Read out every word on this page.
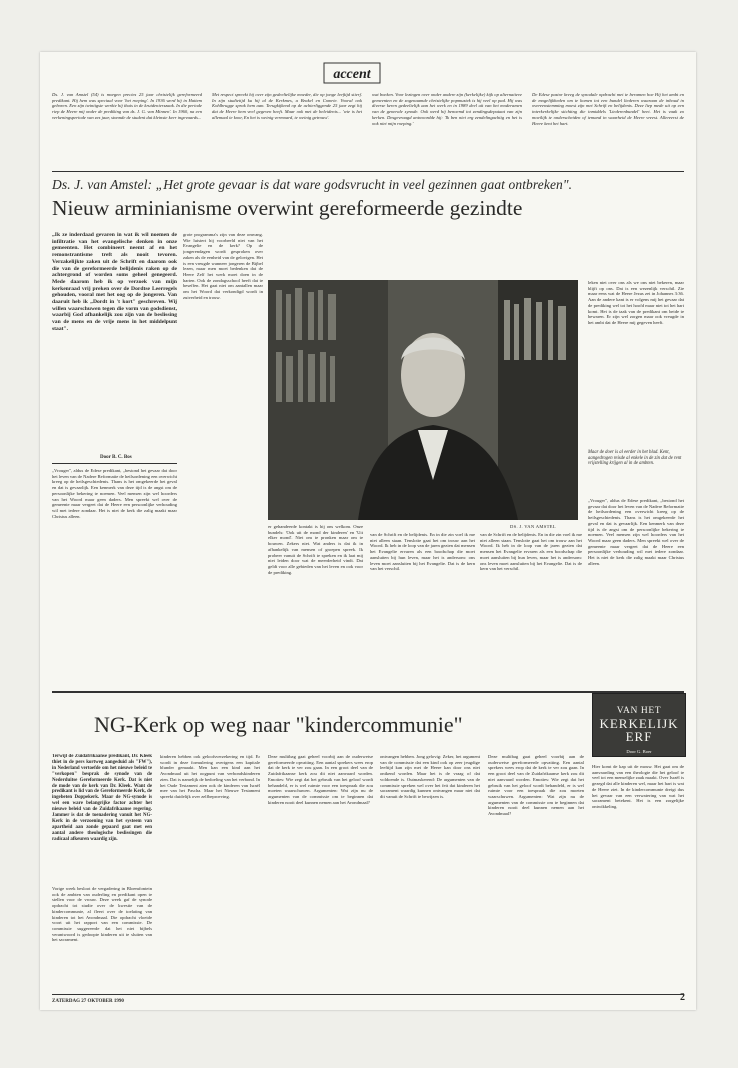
accent
Ds. J. van Amstel (54) is morgen precies 25 jaar christelijk gereformeerd predikant. Hij hem was speciaal voor 'het roeping'. In 1936 werd hij in Hattem geboren. Een zijn twintigste werkte hij thuis in de kruidenierszaak. In die periode riep de Heere mij onder de prediking van ds. J. G. van Minnen'. In 1960, na een verkeningsperiode van zes jaar, stonnde de student dat kleinste keer ingevaards...
Met respect spreekt hij over zijn gedeeltelijke moeder, die op jonge leeftijd stierf. In zijn studietijd ku hij al de Kerkmes, a Brakel en Comrie. Vooral ook Kohlbrugge sprak hem aan. Terugkijkend op de achterliggende 25 jaar zegt hij dat de Heere hem veel gegeven heeft. Maar ook met de beleidenis... 'wie is het allemaal te koor, En het is weinig vermoard, te weinig getrouw'.
wat boeken. Voor lezingen over onder andere zijn (kerkelijke) kijk op alternatieve gemeenten en de zogenaamde christelijke popmuziek is hij veel op pad. Hij was diverse keren gedeeltelijk aan het werk en in 1989 deel uit van het moderamen van de generale synode. Ook werd hij benoemd tot zendingsdeputaat van zijn kerken. Desgevraagd antwoordde hij: 'Ik ben niet erg zendelingachtig en het is ook niet mijn roeping.'
De Edese pastor kreeg de synodale opdracht met te beramen hoe Hij het ambt en de mogelijkheden om te komen tot een bundel liederen waaraan de inhoud in overeenstemming moest zijn met Schrift en belijdenis. Deze liep mede uit op een interkerkelijke stichting die inmiddels 'Liederenbundel' heet. Het is vaak zo moeilijk te onderscheiden of iemand in waarheid de Heere vreest. Allereerst de Heere kent het hart.
Ds. J. van Amstel: „Het grote gevaar is dat ware godsvrucht in veel gezinnen gaat ontbreken".
Nieuw arminianisme overwint gereformeerde gezindte
„Ik ze inderdaad gevaren in wat ik wil noemen de infiltratie van het evangelische denken in onze gemeenten. Het combineert neemt af en het remonstrantisme treft als nooit tevoren. Verzakelijkte zaken uit de Schrift en daarom ook die van de gereformeerde belijdenis raken op de achtergrond of worden soms geheel genegeerd. Mede daarom heb ik op verzoek van mijn kerkenraad vrij preken over de Dordtse Leerregels gehouden, vooral met het oog op de jongeren. Van daaruit heb ik „Dordt in 't kort" geschreven. Wij willen waarschuwen tegen die vorm van godsdienst, waarbij God afhankelijk zou zijn van de beslissing van de mens en de vrije mens in het middelpunt staat".
Door B. C. Bos
„Vrouger", aldus de Edese predikant, „bestond het gevaar dat door het leven van de Nadere Reformatie de heilsordening een overwicht kreeg op de heilsgeschiedenis. Thans is het omgekeerde het geval en dat is gevaarlijk. Een kenmerk van deze tijd is de angst om de persoonlijke bekering te noemen. Veel mensen zijn wel hoorders van het Woord maar geen daders. Men spreekt wel over de gemeente maar vergeet dat de Heere een persoonlijke verhouding wil met iedere zondaar. Het is niet de kerk die zalig maakt maar Christus alleen.
grote programma's zijn van deze omvang. Wie luistert hij voorbeeld niet van het Evangelie en de kerk? Op de jongerendagen wordt gesproken over zaken als de eenheid van de gelovigen. Het is een vreugde wanneer jongeren de Bijbel lezen, maar men moet bedenken dat de Heere Zelf het werk moet doen in de harten. Ook de zondagsschool heeft dat te beseffen. Het gaat niet om aantallen maar om het Woord dat verkondigd wordt in zuiverheid en trouw.
Maar de doer is al eerder in het blad. Kent, aangedrogen reisde al enkele in de zin dat de rent vrijstelling krijgen al in de ambten.
DS. J. VAN AMSTEL
er gehandeerde kontakt is hij ons welkom. Onze bundels: 'Ook uit de mond der kinderen' en 'Uit elker mond'. Niet om te pronken maar om te bouwen. Zekers niet. Wat anders is dat ik in afhankelijk van mensen of groepen spreek. Ik probeer vanuit de Schrift te spreken en ik laat mij niet leiden door wat de meerderheid vindt. Dat geldt voor alle gebieden van het leven en ook voor de prediking.
van de Schrift en de belijdenis. En in die zin voel ik me niet alleen staan. Tenslotte gaat het om trouw aan het Woord. Ik heb in de loop van de jaren gezien dat mensen het Evangelie ervaren als een boodschap die moet aansluiten bij hun leven, maar het is andersom: ons leven moet aansluiten bij het Evangelie. Dat is de kern van het verschil.
leken niet over ons als we ons niet bekeren, maar blijft op ons. Dat is een wezenlijk verschil. Zie maar eens wat de Heere Jezus zei in Johannes 3:36. Aan de andere kant is er volgens mij het gevaar dat de prediking wel tot het hoofd maar niet tot het hart komt. Het is de taak van de predikant om beide te bewaren. Er zijn wel zorgen maar ook vreugde in het ambt dat de Heere mij gegeven heeft.
„Vrouger", aldus de Edese predikant, „bestond het gevaar dat door het leven van de Nadere Reformatie de heilsordening een overwicht kreeg op de heilsgeschiedenis. Thans is het omgekeerde het geval en dat is gevaarlijk. Een kenmerk van deze tijd is de angst om de persoonlijke bekering te noemen. Veel mensen zijn wel hoorders van het Woord maar geen daders. Men spreekt wel over de gemeente maar vergeet dat de Heere een persoonlijke verhouding wil met iedere zondaar. Het is niet de kerk die zalig maakt maar Christus alleen.
van de Schrift en de belijdenis. En in die zin voel ik me niet alleen staan. Tenslotte gaat het om trouw aan het Woord. Ik heb in de loop van de jaren gezien dat mensen het Evangelie ervaren als een boodschap die moet aansluiten bij hun leven, maar het is andersom: ons leven moet aansluiten bij het Evangelie. Dat is de kern van het verschil.
NG-Kerk op weg naar "kindercommunie"
VAN HET
KERKELIJK
ERF
Door G. Boer
Terwijl de Zuidafrikaanse predikant, Dr. Kleek thiet in de pers kortweg aangeduid als "FW"), in Nederland vertoefde om het nieuwe beleid te "verkopen" besprak de synode van de Nederduitse Gereformeerde Kerk. Dat is niet de mode van de kerk van Dr. Kleek. Want de predikant is lid van de Gereformeerde Kerk, de ingebeten Doppekerk. Maar de NG-synode is wel een ware belangrijke factor achter het nieuwe beleid van de Zuidafrikaanse regering. Jammer is dat de toenadering vanuit het NG-Kerk in de verzoening van het systeem van apartheid aan zonde gepaard gaat met een aantal andere theologische beslissingen die radicaal afkeuren waardig zijn.
Vorige week besloot de vergadering in Bloemfontein ook de ambten van ouderling en predikant open te stellen voor de vrouw. Deze week gaf de synode opdracht tot studie over de kwestie van de kindercommunie, al fleert over de toelating van kinderen tot het Avondmaal. Die opdracht vloeide voort uit het rapport van een commissie. De commissie suggereerde dat het niet bijbels verantwoord is gedoopte kinderen uit te sluiten van het sacrament.
kinderen hebben ook geloofsverzekering en tijd. Er wordt in deze formulering overigens een kapitale blunder gemaakt. Men kan een kind aan het Avondmaal uit het oogpunt van verbondskinderen zien. Dat is namelijk de bedoeling van het verbond. In het Oude Testament aten ook de kinderen van Israël mee van het Pascha. Maar het Nieuwe Testament spreekt duidelijk over zelfbeproeving.
Deze multibag gaat geheel voorbij aan de ouderwetse gereformeerde opvatting. Een aantal sprekers wees erop dat de kerk te ver zou gaan. In een groot deel van de Zuidafrikaanse kerk zou dit niet aanvaard worden. Emoties: Wie zegt dat het gebruik van het geloof wordt behandeld, er is wel ruimte voor een toespraak die zou moeten waarschuwen. Argumenten: Wat zijn nu de argumenten van de commissie om te beginnen dat kinderen nooit deel kunnen nemen aan het Avondmaal?
ontvangen hebben. Jong gelovig: Zeker, het argument van de commissie dat een kind ook op zeer jeugdige leeftijd kan zijn met de Heere kan door ons niet ontkend worden. Maar het is de vraag of dat voldoende is. Outmaskerend: De argumenten van de commissie spreken wel over het feit dat kinderen het sacrament waardig kunnen ontvangen maar niet dat dit vanuit de Schrift te bewijzen is.
Hier komt de kap uit de mouw. Het gaat om de aanvaarding van een theologie die het geloof te veel tot een menselijke zaak maakt. Over Israël is gezegd dat alle kinderen wel, maar het hart is wat de Heere ziet. In de kindercommunie dreigt dus het gevaar van een verwatering van wat het sacrament betekent. Het is een zorgelijke ontwikkeling.
Deze multibag gaat geheel voorbij aan de ouderwetse gereformeerde opvatting. Een aantal sprekers wees erop dat de kerk te ver zou gaan. In een groot deel van de Zuidafrikaanse kerk zou dit niet aanvaard worden. Emoties: Wie zegt dat het gebruik van het geloof wordt behandeld, er is wel ruimte voor een toespraak die zou moeten waarschuwen. Argumenten: Wat zijn nu de argumenten van de commissie om te beginnen dat kinderen nooit deel kunnen nemen aan het Avondmaal?
ZATERDAG 27 OKTOBER 1990	2
